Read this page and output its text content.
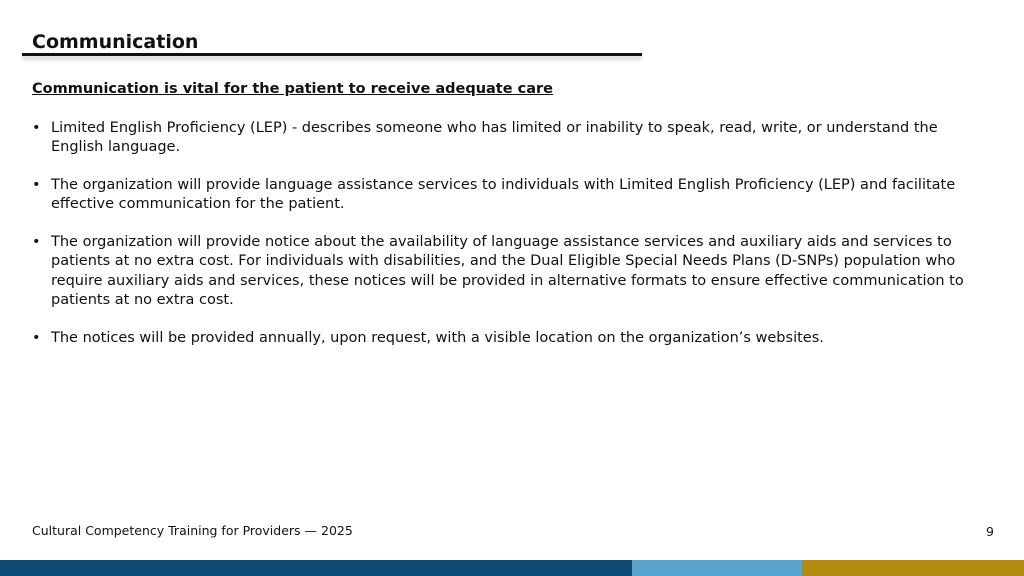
Communication

Communication is vital for the patient to receive adequate care

• Limited English Proficiency (LEP) - describes someone who has limited or inability to speak, read, write, or understand the English language.
• The organization will provide language assistance services to individuals with Limited English Proficiency (LEP) and facilitate effective communication for the patient.
• The organization will provide notice about the availability of language assistance services and auxiliary aids and services to patients at no extra cost. For individuals with disabilities, and the Dual Eligible Special Needs Plans (D-SNPs) population who require auxiliary aids and services, these notices will be provided in alternative formats to ensure effective communication to patients at no extra cost.
• The notices will be provided annually, upon request, with a visible location on the organization’s websites.
Cultural Competency Training for Providers — 2025	9
